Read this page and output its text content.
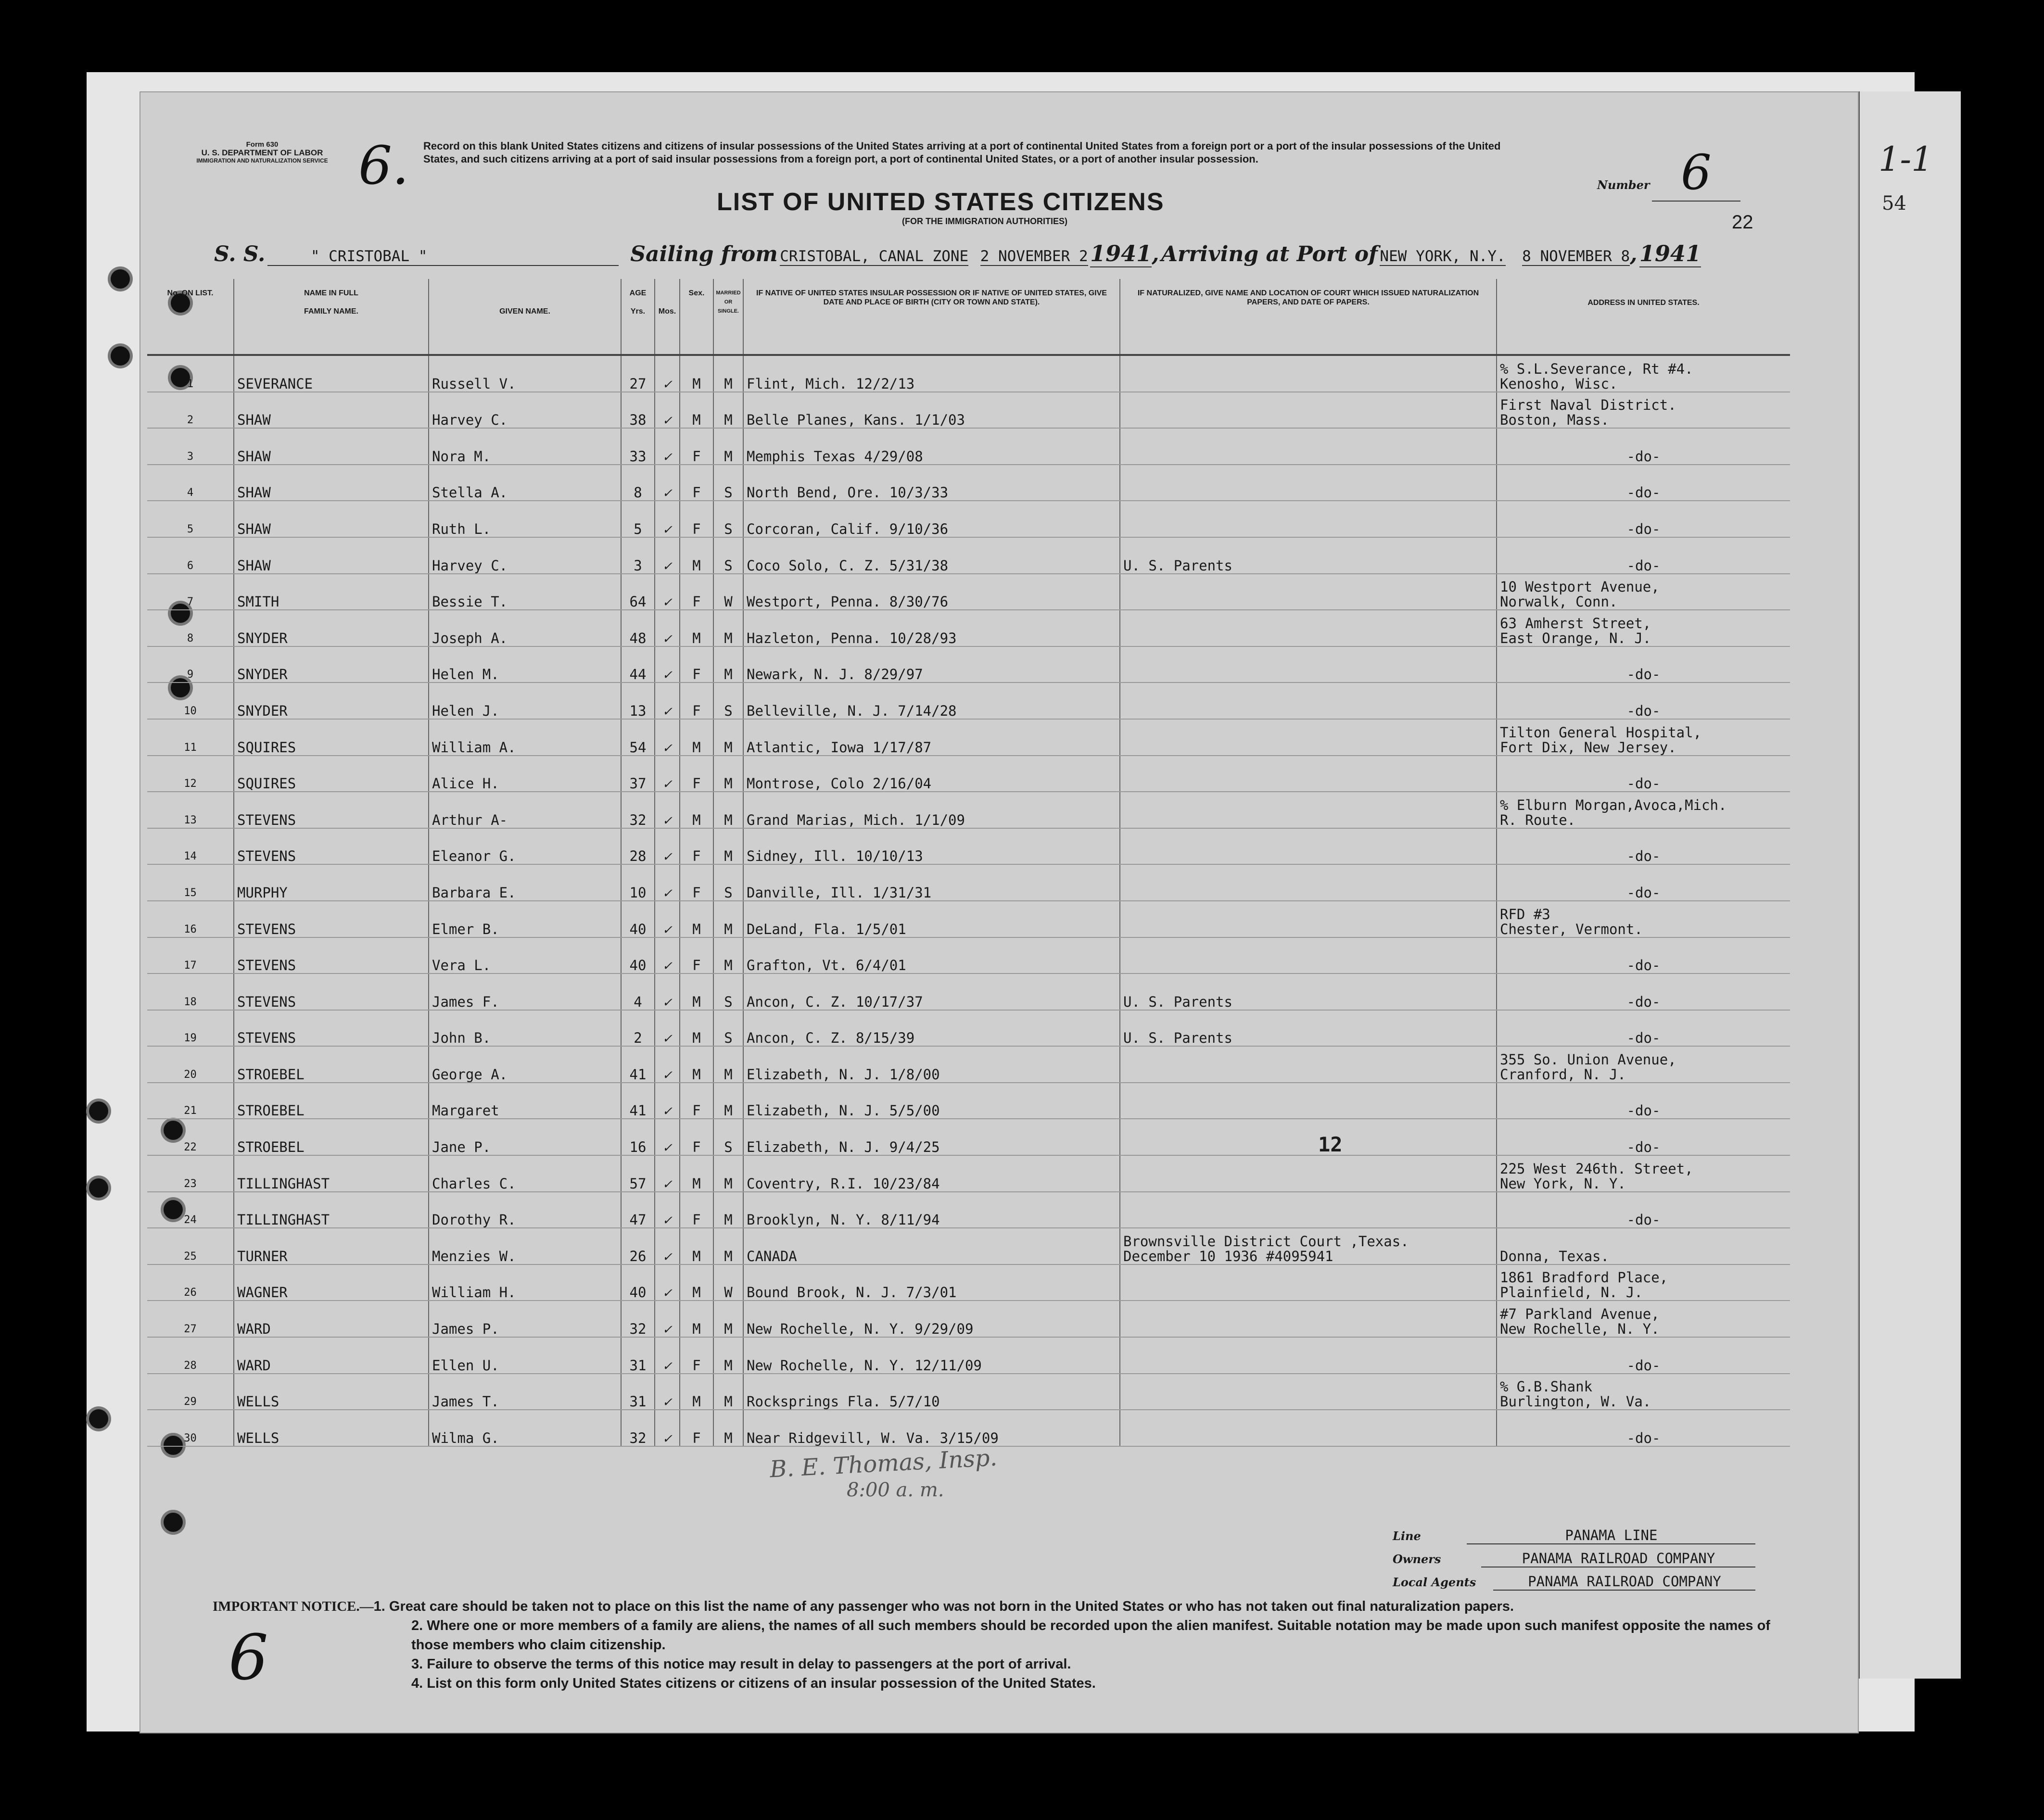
1-1
54
Form 630
U. S. DEPARTMENT OF LABOR
IMMIGRATION AND NATURALIZATION SERVICE 6. Record on this blank United States citizens and citizens of insular possessions of the United States arriving at a port of continental United States from a foreign port or a port of the insular possessions of the United States, and such citizens arriving at a port of said insular possessions from a foreign port, a port of continental United States, or a port of another insular possession.
Number 6
LIST OF UNITED STATES CITIZENS
(FOR THE IMMIGRATION AUTHORITIES)	22
S. S.	" CRISTOBAL "	Sailing from CRISTOBAL, CANAL ZONE 2 NOVEMBER 2 1941, Arriving at Port of NEW YORK, N.Y. 8 NOVEMBER 8, 1941
No. ON LIST.	NAME IN FULL

FAMILY NAME.	GIVEN NAME.	AGE

Yrs.	Mos.	Sex.	MARRIED OR SINGLE.	IF NATIVE OF UNITED STATES INSULAR POSSESSION OR IF NATIVE OF UNITED STATES, GIVE DATE AND PLACE OF BIRTH (CITY OR TOWN AND STATE).	IF NATURALIZED, GIVE NAME AND LOCATION OF COURT WHICH ISSUED NATURALIZATION PAPERS, AND DATE OF PAPERS.	ADDRESS IN UNITED STATES.
1	SEVERANCE	Russell V.	27	✓	M	M	Flint, Mich. 12/2/13		% S.L.Severance, Rt #4.
Kenosho, Wisc.

2	SHAW	Harvey C.	38	✓	M	M	Belle Planes, Kans. 1/1/03		First Naval District.
Boston, Mass.

3	SHAW	Nora M.	33	✓	F	M	Memphis Texas 4/29/08		-do-

4	SHAW	Stella A.	8	✓	F	S	North Bend, Ore. 10/3/33		-do-

5	SHAW	Ruth L.	5	✓	F	S	Corcoran, Calif. 9/10/36		-do-

6	SHAW	Harvey C.	3	✓	M	S	Coco Solo, C. Z. 5/31/38	U. S. Parents	-do-

7	SMITH	Bessie T.	64	✓	F	W	Westport, Penna. 8/30/76		10 Westport Avenue,
Norwalk, Conn.

8	SNYDER	Joseph A.	48	✓	M	M	Hazleton, Penna. 10/28/93		63 Amherst Street,
East Orange, N. J.

9	SNYDER	Helen M.	44	✓	F	M	Newark, N. J. 8/29/97		-do-

10	SNYDER	Helen J.	13	✓	F	S	Belleville, N. J. 7/14/28		-do-

11	SQUIRES	William A.	54	✓	M	M	Atlantic, Iowa 1/17/87		Tilton General Hospital,
Fort Dix, New Jersey.

12	SQUIRES	Alice H.	37	✓	F	M	Montrose, Colo 2/16/04		-do-

13	STEVENS	Arthur A-	32	✓	M	M	Grand Marias, Mich. 1/1/09		% Elburn Morgan,Avoca,Mich.
R. Route.

14	STEVENS	Eleanor G.	28	✓	F	M	Sidney, Ill. 10/10/13		-do-

15	MURPHY	Barbara E.	10	✓	F	S	Danville, Ill. 1/31/31		-do-

16	STEVENS	Elmer B.	40	✓	M	M	DeLand, Fla. 1/5/01		RFD #3
Chester, Vermont.

17	STEVENS	Vera L.	40	✓	F	M	Grafton, Vt. 6/4/01		-do-

18	STEVENS	James F.	4	✓	M	S	Ancon, C. Z. 10/17/37	U. S. Parents	-do-

19	STEVENS	John B.	2	✓	M	S	Ancon, C. Z. 8/15/39	U. S. Parents	-do-

20	STROEBEL	George A.	41	✓	M	M	Elizabeth, N. J. 1/8/00		355 So. Union Avenue,
Cranford, N. J.

21	STROEBEL	Margaret	41	✓	F	M	Elizabeth, N. J. 5/5/00		-do-

22	STROEBEL	Jane P.	16	✓	F	S	Elizabeth, N. J. 9/4/25		-do-

23	TILLINGHAST	Charles C.	57	✓	M	M	Coventry, R.I. 10/23/84		225 West 246th. Street,
New York, N. Y.

24	TILLINGHAST	Dorothy R.	47	✓	F	M	Brooklyn, N. Y. 8/11/94		-do-

25	TURNER	Menzies W.	26	✓	M	M	CANADA	Brownsville District Court ,Texas.
December 10 1936 #4095941	Donna, Texas.

26	WAGNER	William H.	40	✓	M	W	Bound Brook, N. J. 7/3/01		1861 Bradford Place,
Plainfield, N. J.

27	WARD	James P.	32	✓	M	M	New Rochelle, N. Y. 9/29/09		#7 Parkland Avenue,
New Rochelle, N. Y.

28	WARD	Ellen U.	31	✓	F	M	New Rochelle, N. Y. 12/11/09		-do-

29	WELLS	James T.	31	✓	M	M	Rocksprings Fla. 5/7/10		% G.B.Shank
Burlington, W. Va.

30	WELLS	Wilma G.	32	✓	F	M	Near Ridgevill, W. Va. 3/15/09		-do-
12
B. E. Thomas, Insp.
8:00 a. m.
Line	PANAMA LINE
Owners	PANAMA RAILROAD COMPANY
Local Agents	PANAMA RAILROAD COMPANY
IMPORTANT NOTICE.—1. Great care should be taken not to place on this list the name of any passenger who was not born in the United States or who has not taken out final naturalization papers.
2. Where one or more members of a family are aliens, the names of all such members should be recorded upon the alien manifest. Suitable notation may be made upon such manifest opposite the names of those members who claim citizenship.
3. Failure to observe the terms of this notice may result in delay to passengers at the port of arrival.
4. List on this form only United States citizens or citizens of an insular possession of the United States.
6
